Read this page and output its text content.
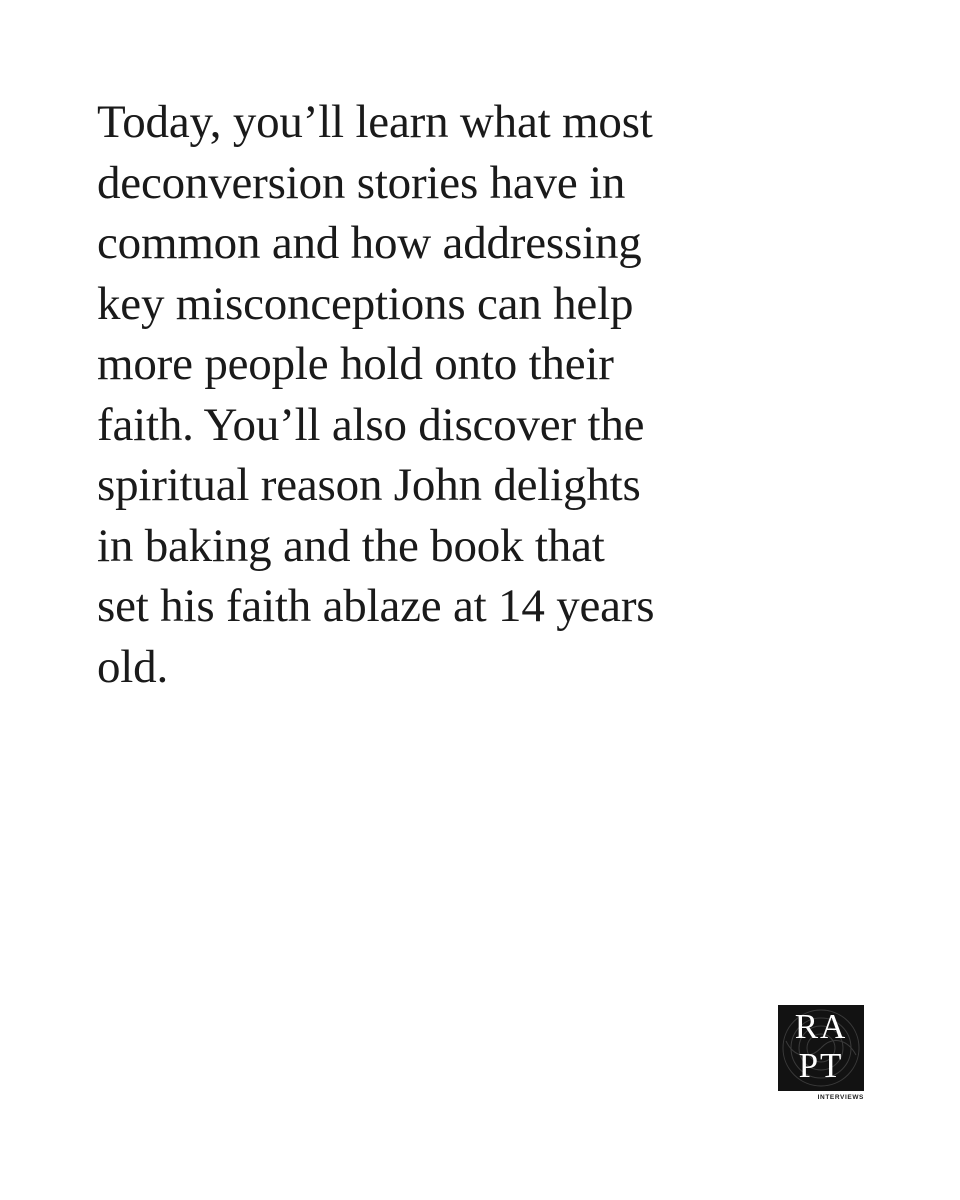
Today, you’ll learn what most
deconversion stories have in
common and how addressing
key misconceptions can help
more people hold onto their
faith. You’ll also discover the
spiritual reason John delights
in baking and the book that
set his faith ablaze at 14 years
old.

RA
PT
INTERVIEWS
